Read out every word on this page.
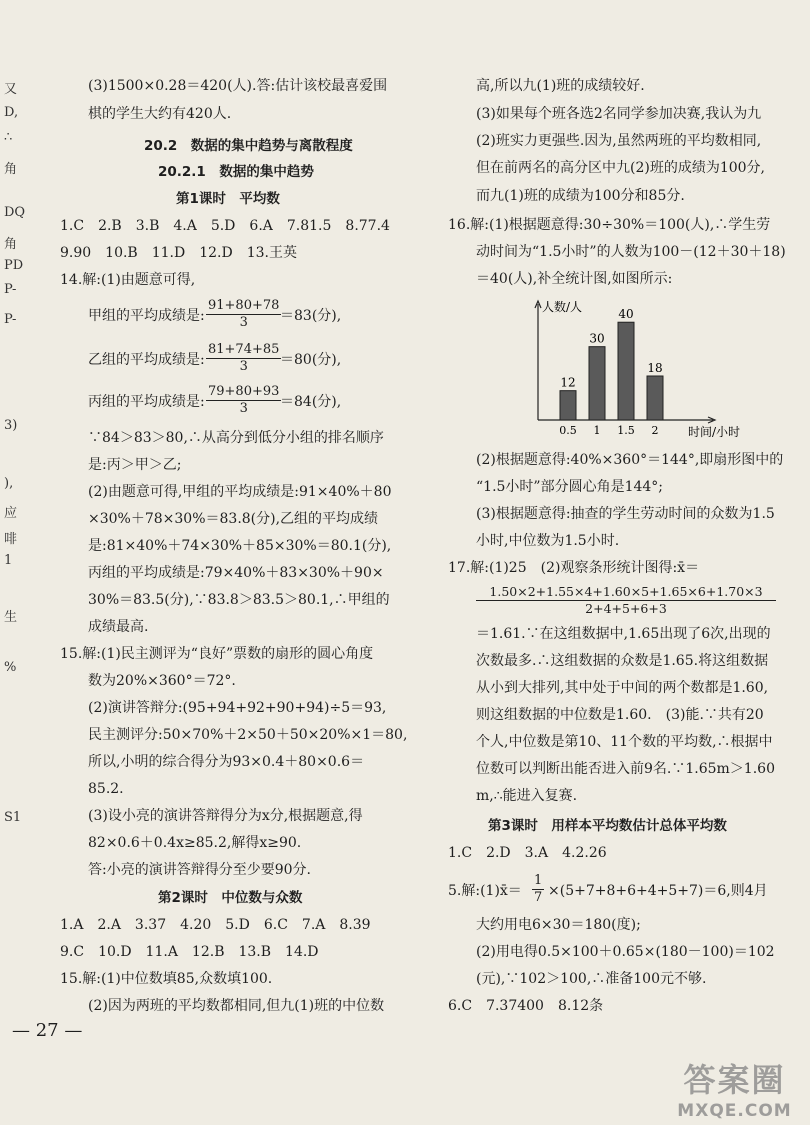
又
D,
∴
角
DQ
角
PD
P-
P-
3)
),
应
啡
1
生
%
S1
(3)1500×0.28＝420(人).答:估计该校最喜爱围
棋的学生大约有420人.
20.2　数据的集中趋势与离散程度
20.2.1　数据的集中趋势
第1课时　平均数
1.C　2.B　3.B　4.A　5.D　6.A　7.81.5　8.77.4
9.90　10.B　11.D　12.D　13.王英
14.解:(1)由题意可得,
甲组的平均成绩是: $\frac{91+80+78}{3}$
＝83(分),
乙组的平均成绩是: $\frac{81+74+85}{3}$
＝80(分),
丙组的平均成绩是: $\frac{79+80+93}{3}$
＝84(分),
∵84＞83＞80,∴从高分到低分小组的排名顺序
是:丙＞甲＞乙;
(2)由题意可得,甲组的平均成绩是:91×40%＋80
×30%＋78×30%＝83.8(分),乙组的平均成绩
是:81×40%＋74×30%＋85×30%＝80.1(分),
丙组的平均成绩是:79×40%＋83×30%＋90×
30%＝83.5(分),∵83.8＞83.5＞80.1,∴甲组的
成绩最高.
15.解:(1)民主测评为“良好”票数的扇形的圆心角度
数为20%×360°＝72°.
(2)演讲答辩分:(95+94+92+90+94)÷5＝93,
民主测评分:50×70%＋2×50＋50×20%×1＝80,
所以,小明的综合得分为93×0.4＋80×0.6＝
85.2.
(3)设小亮的演讲答辩得分为x分,根据题意,得
82×0.6＋0.4x≥85.2,解得x≥90.
答:小亮的演讲答辩得分至少要90分.
第2课时　中位数与众数
1.A　2.A　3.37　4.20　5.D　6.C　7.A　8.39
9.C　10.D　11.A　12.B　13.B　14.D
15.解:(1)中位数填85,众数填100.
(2)因为两班的平均数都相同,但九(1)班的中位数
— 27 —
高,所以九(1)班的成绩较好.
(3)如果每个班各选2名同学参加决赛,我认为九
(2)班实力更强些.因为,虽然两班的平均数相同,
但在前两名的高分区中九(2)班的成绩为100分,
而九(1)班的成绩为100分和85分.
16.解:(1)根据题意得:30÷30%＝100(人),∴学生劳
动时间为“1.5小时”的人数为100－(12＋30＋18)
＝40(人),补全统计图,如图所示:
人数/人
时间/小时
12
0.5
30
1
40
1.5
18
2
(2)根据题意得:40%×360°＝144°,即扇形图中的
“1.5小时”部分圆心角是144°;
(3)根据题意得:抽查的学生劳动时间的众数为1.5
小时,中位数为1.5小时.
17.解:(1)25　(2)观察条形统计图得:x̄＝
$\frac{1.50\times 2+1.55\times 4+1.60\times 5+1.65\times 6+1.70\times 3}{2+4+5+6+3}$
＝1.61.∵在这组数据中,1.65出现了6次,出现的
次数最多.∴这组数据的众数是1.65.将这组数据
从小到大排列,其中处于中间的两个数都是1.60,
则这组数据的中位数是1.60.　(3)能.∵共有20
个人,中位数是第10、11个数的平均数,∴根据中
位数可以判断出能否进入前9名.∵1.65m＞1.60
m,∴能进入复赛.
第3课时　用样本平均数估计总体平均数
1.C　2.D　3.A　4.2.26
5.解:(1)x̄＝ $\frac{1}{7} \times(5+7+8+6+4+5+7)=6$,则4月
大约用电6×30＝180(度);
(2)用电得0.5×100＋0.65×(180－100)＝102
(元),∵102＞100,∴准备100元不够.
6.C　7.37400　8.12条
答案圈
MXQE.COM
